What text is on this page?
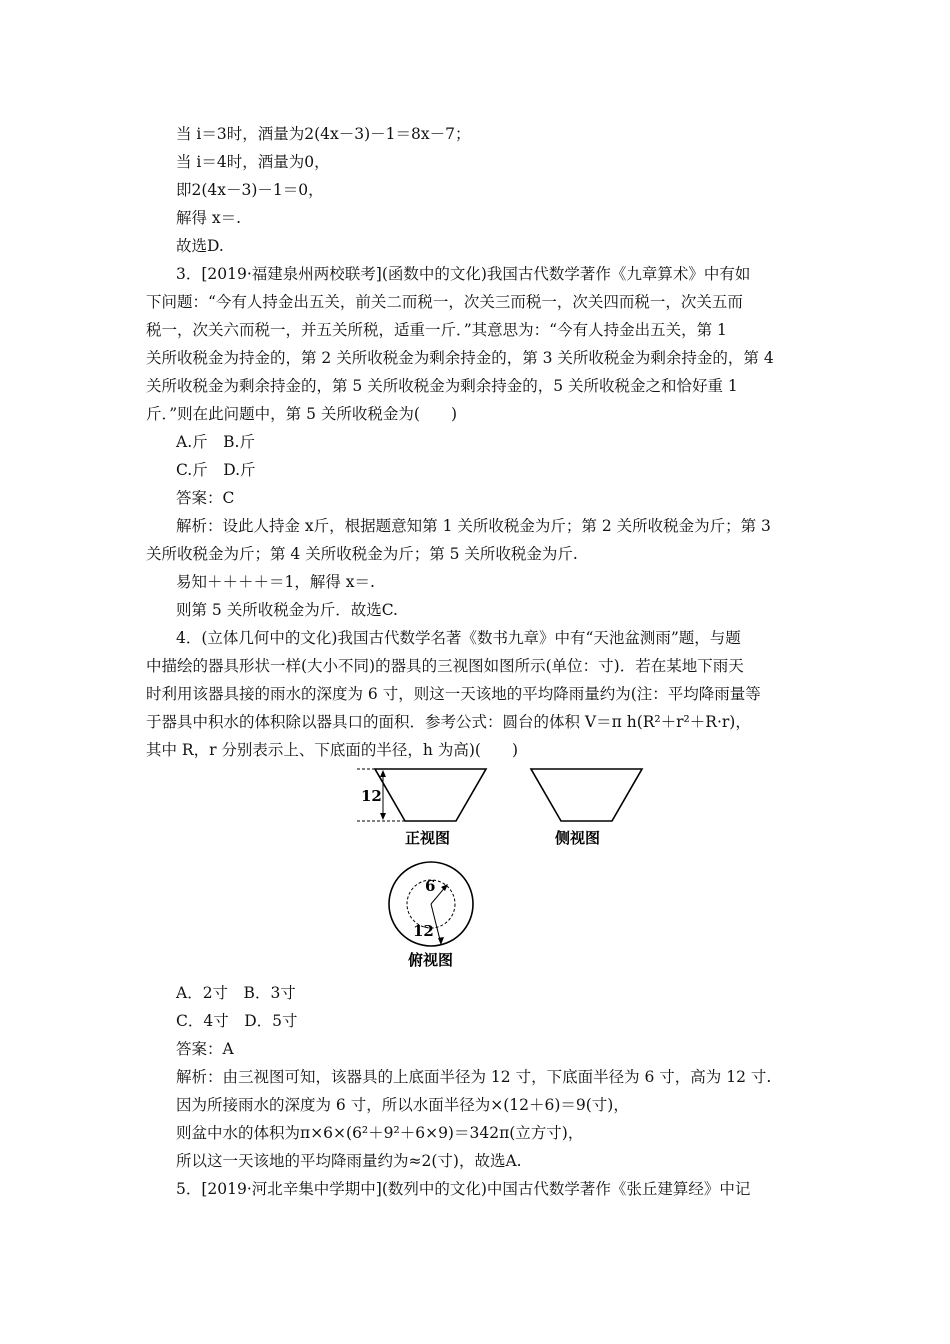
当 i＝3时，酒量为2(4x－3)－1＝8x－7；
当 i＝4时，酒量为0，
即2(4x－3)－1＝0，
解得 x＝.
故选D.
3．[2019·福建泉州两校联考](函数中的文化)我国古代数学著作《九章算术》中有如
下问题：“今有人持金出五关，前关二而税一，次关三而税一，次关四而税一，次关五而
税一，次关六而税一，并五关所税，适重一斤．”其意思为：“今有人持金出五关，第 1
关所收税金为持金的，第 2 关所收税金为剩余持金的，第 3 关所收税金为剩余持金的，第 4
关所收税金为剩余持金的，第 5 关所收税金为剩余持金的，5 关所收税金之和恰好重 1
斤．”则在此问题中，第 5 关所收税金为(　　)
A.斤　B.斤
C.斤　D.斤
答案：C
解析：设此人持金 x斤，根据题意知第 1 关所收税金为斤；第 2 关所收税金为斤；第 3
关所收税金为斤；第 4 关所收税金为斤；第 5 关所收税金为斤.
易知＋＋＋＋＝1，解得 x＝.
则第 5 关所收税金为斤．故选C.
4．(立体几何中的文化)我国古代数学名著《数书九章》中有“天池盆测雨”题，与题
中描绘的器具形状一样(大小不同)的器具的三视图如图所示(单位：寸)．若在某地下雨天
时利用该器具接的雨水的深度为 6 寸，则这一天该地的平均降雨量约为(注：平均降雨量等
于器具中积水的体积除以器具口的面积．参考公式：圆台的体积 V＝π h(R²＋r²＋R·r)，
其中 R，r 分别表示上、下底面的半径，h 为高)(　　)
12
正视图	侧视图
6
12
俯视图
A．2寸　B．3寸
C．4寸　D．5寸
答案：A
解析：由三视图可知，该器具的上底面半径为 12 寸，下底面半径为 6 寸，高为 12 寸.
因为所接雨水的深度为 6 寸，所以水面半径为×(12＋6)＝9(寸)，
则盆中水的体积为π×6×(6²＋9²＋6×9)＝342π(立方寸)，
所以这一天该地的平均降雨量约为≈2(寸)，故选A.
5．[2019·河北辛集中学期中](数列中的文化)中国古代数学著作《张丘建算经》中记
